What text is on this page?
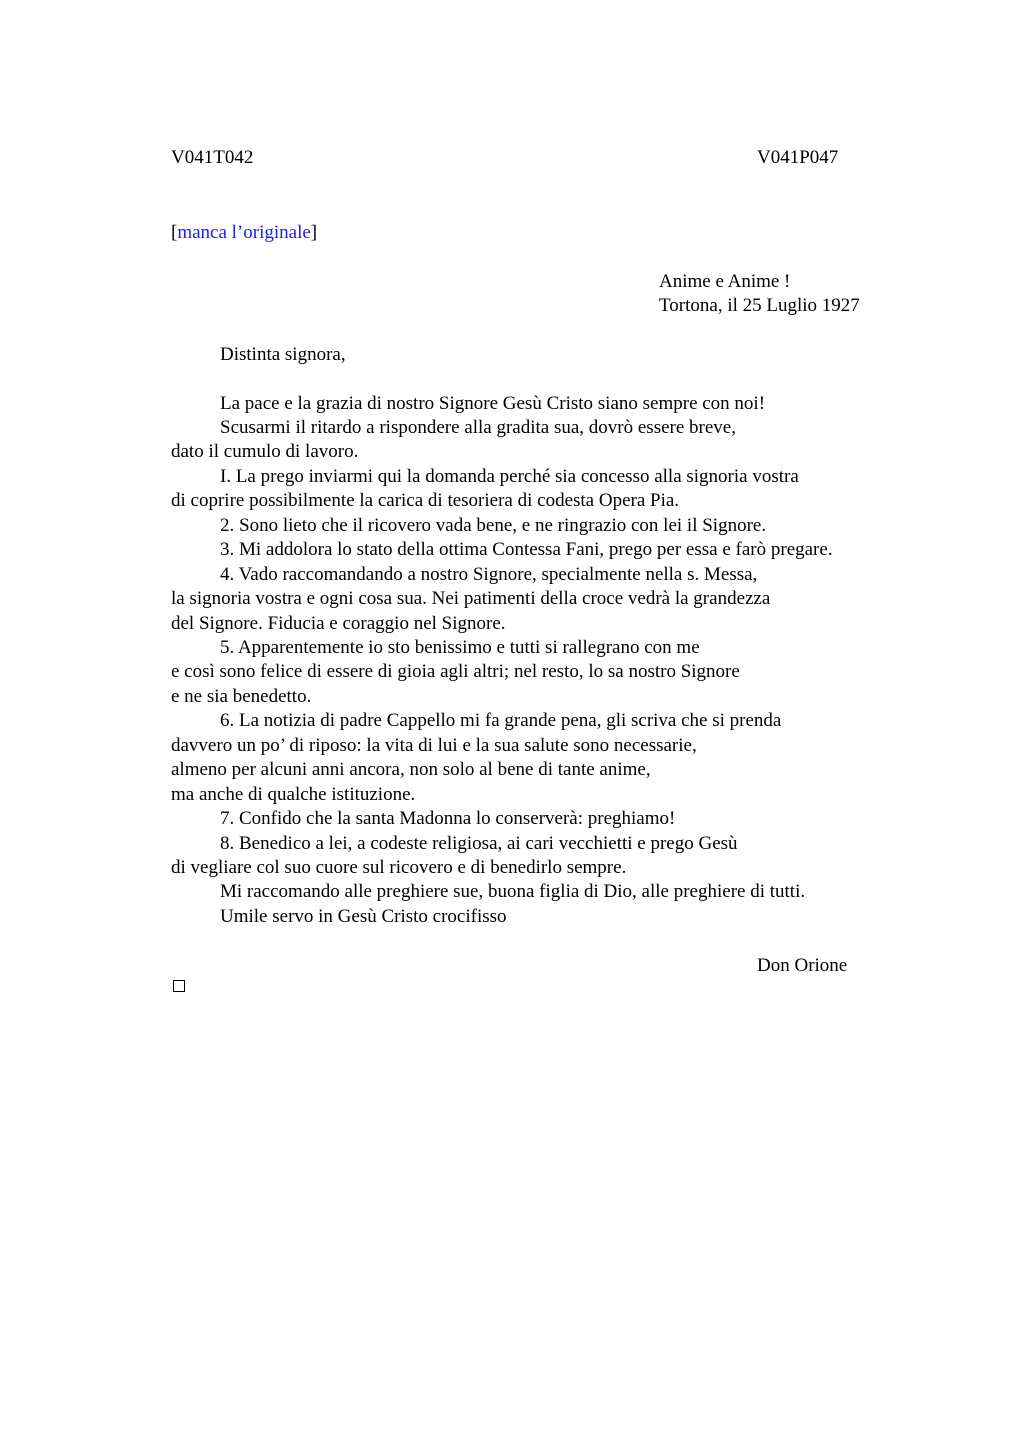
V041T042	V041P047
[manca l’originale]
Anime e Anime !
Tortona, il 25 Luglio 1927
Distinta signora,
La pace e la grazia di nostro Signore Gesù Cristo siano sempre con noi!
Scusarmi il ritardo a rispondere alla gradita sua, dovrò essere breve,
dato il cumulo di lavoro.
I. La prego inviarmi qui la domanda perché sia concesso alla signoria vostra
di coprire possibilmente la carica di tesoriera di codesta Opera Pia.
2. Sono lieto che il ricovero vada bene, e ne ringrazio con lei il Signore.
3. Mi addolora lo stato della ottima Contessa Fani, prego per essa e farò pregare.
4. Vado raccomandando a nostro Signore, specialmente nella s. Messa,
la signoria vostra e ogni cosa sua. Nei patimenti della croce vedrà la grandezza
del Signore. Fiducia e coraggio nel Signore.
5. Apparentemente io sto benissimo e tutti si rallegrano con me
e così sono felice di essere di gioia agli altri; nel resto, lo sa nostro Signore
e ne sia benedetto.
6. La notizia di padre Cappello mi fa grande pena, gli scriva che si prenda
davvero un po’ di riposo: la vita di lui e la sua salute sono necessarie,
almeno per alcuni anni ancora, non solo al bene di tante anime,
ma anche di qualche istituzione.
7. Confido che la santa Madonna lo conserverà: preghiamo!
8. Benedico a lei, a codeste religiosa, ai cari vecchietti e prego Gesù
di vegliare col suo cuore sul ricovero e di benedirlo sempre.
Mi raccomando alle preghiere sue, buona figlia di Dio, alle preghiere di tutti.
Umile servo in Gesù Cristo crocifisso
Don Orione
